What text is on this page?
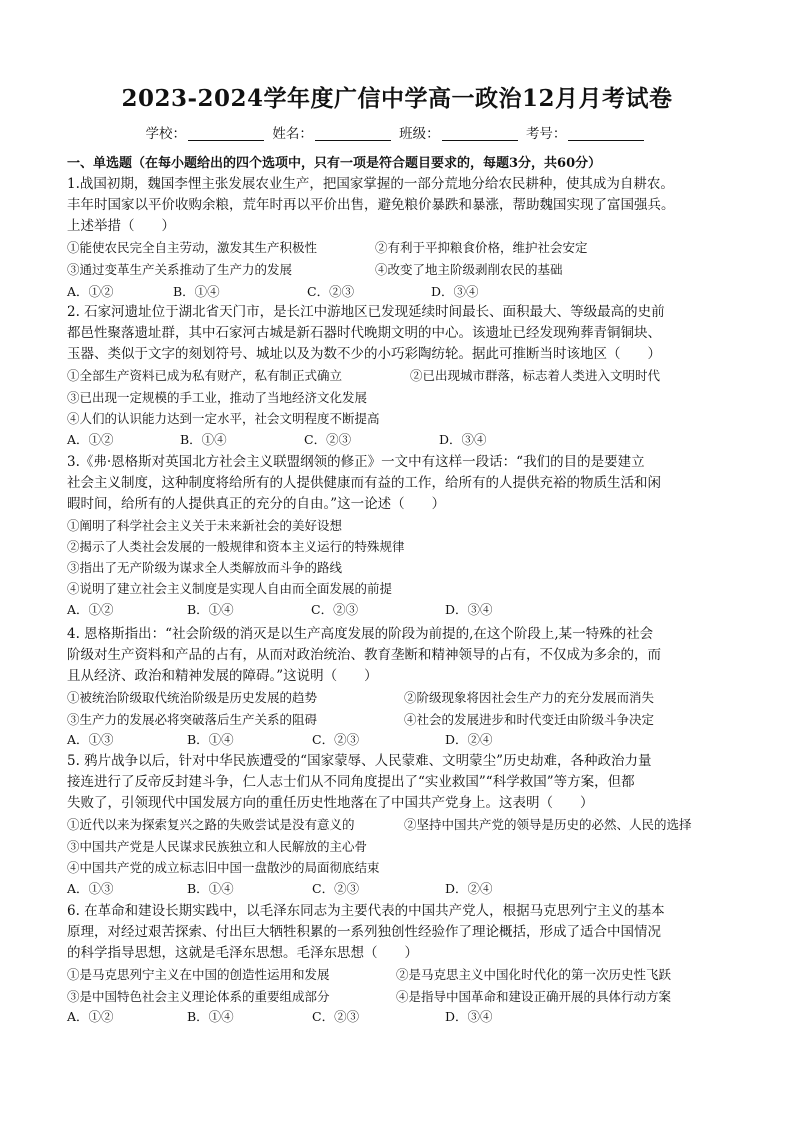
2023-2024学年度广信中学高一政治12月月考试卷
学校：	姓名：	班级：	考号：
一、单选题（在每小题给出的四个选项中，只有一项是符合题目要求的，每题3分，共60分）
1.战国初期，魏国李悝主张发展农业生产，把国家掌握的一部分荒地分给农民耕种，使其成为自耕农。
丰年时国家以平价收购余粮，荒年时再以平价出售，避免粮价暴跌和暴涨，帮助魏国实现了富国强兵。
上述举措（　　）
①能使农民完全自主劳动，激发其生产积极性	②有利于平抑粮食价格，维护社会安定
③通过变革生产关系推动了生产力的发展	④改变了地主阶级剥削农民的基础
A．①②	B．①④	C．②③	D．③④
2. 石家河遗址位于湖北省天门市，是长江中游地区已发现延续时间最长、面积最大、等级最高的史前
都邑性聚落遗址群，其中石家河古城是新石器时代晚期文明的中心。该遗址已经发现殉葬青铜铜块、
玉器、类似于文字的刻划符号、城址以及为数不少的小巧彩陶纺轮。据此可推断当时该地区（　　）
①全部生产资料已成为私有财产，私有制正式确立	②已出现城市群落，标志着人类进入文明时代
③已出现一定规模的手工业，推动了当地经济文化发展
④人们的认识能力达到一定水平，社会文明程度不断提高
A．①②	B．①④	C．②③	D．③④
3.《弗·恩格斯对英国北方社会主义联盟纲领的修正》一文中有这样一段话：“我们的目的是要建立
社会主义制度，这种制度将给所有的人提供健康而有益的工作，给所有的人提供充裕的物质生活和闲
暇时间，给所有的人提供真正的充分的自由。”这一论述（　　）
①阐明了科学社会主义关于未来新社会的美好设想
②揭示了人类社会发展的一般规律和资本主义运行的特殊规律
③指出了无产阶级为谋求全人类解放而斗争的路线
④说明了建立社会主义制度是实现人自由而全面发展的前提
A．①②	B．①④	C．②③	D．③④
4. 恩格斯指出：“社会阶级的消灭是以生产高度发展的阶段为前提的,在这个阶段上,某一特殊的社会
阶级对生产资料和产品的占有，从而对政治统治、教育垄断和精神领导的占有，不仅成为多余的，而
且从经济、政治和精神发展的障碍。”这说明（　　）
①被统治阶级取代统治阶级是历史发展的趋势	②阶级现象将因社会生产力的充分发展而消失
③生产力的发展必将突破落后生产关系的阻碍	④社会的发展进步和时代变迁由阶级斗争决定
A．①③	B．①④	C．②③	D．②④
5. 鸦片战争以后，针对中华民族遭受的“国家蒙辱、人民蒙难、文明蒙尘”历史劫难，各种政治力量
接连进行了反帝反封建斗争，仁人志士们从不同角度提出了“实业救国”“科学救国”等方案，但都
失败了，引领现代中国发展方向的重任历史性地落在了中国共产党身上。这表明（　　）
①近代以来为探索复兴之路的失败尝试是没有意义的	②坚持中国共产党的领导是历史的必然、人民的选择
③中国共产党是人民谋求民族独立和人民解放的主心骨
④中国共产党的成立标志旧中国一盘散沙的局面彻底结束
A．①③	B．①④	C．②③	D．②④
6. 在革命和建设长期实践中，以毛泽东同志为主要代表的中国共产党人，根据马克思列宁主义的基本
原理，对经过艰苦探索、付出巨大牺牲积累的一系列独创性经验作了理论概括，形成了适合中国情况
的科学指导思想，这就是毛泽东思想。毛泽东思想（　　）
①是马克思列宁主义在中国的创造性运用和发展	②是马克思主义中国化时代化的第一次历史性飞跃
③是中国特色社会主义理论体系的重要组成部分	④是指导中国革命和建设正确开展的具体行动方案
A．①②	B．①④	C．②③	D．③④
